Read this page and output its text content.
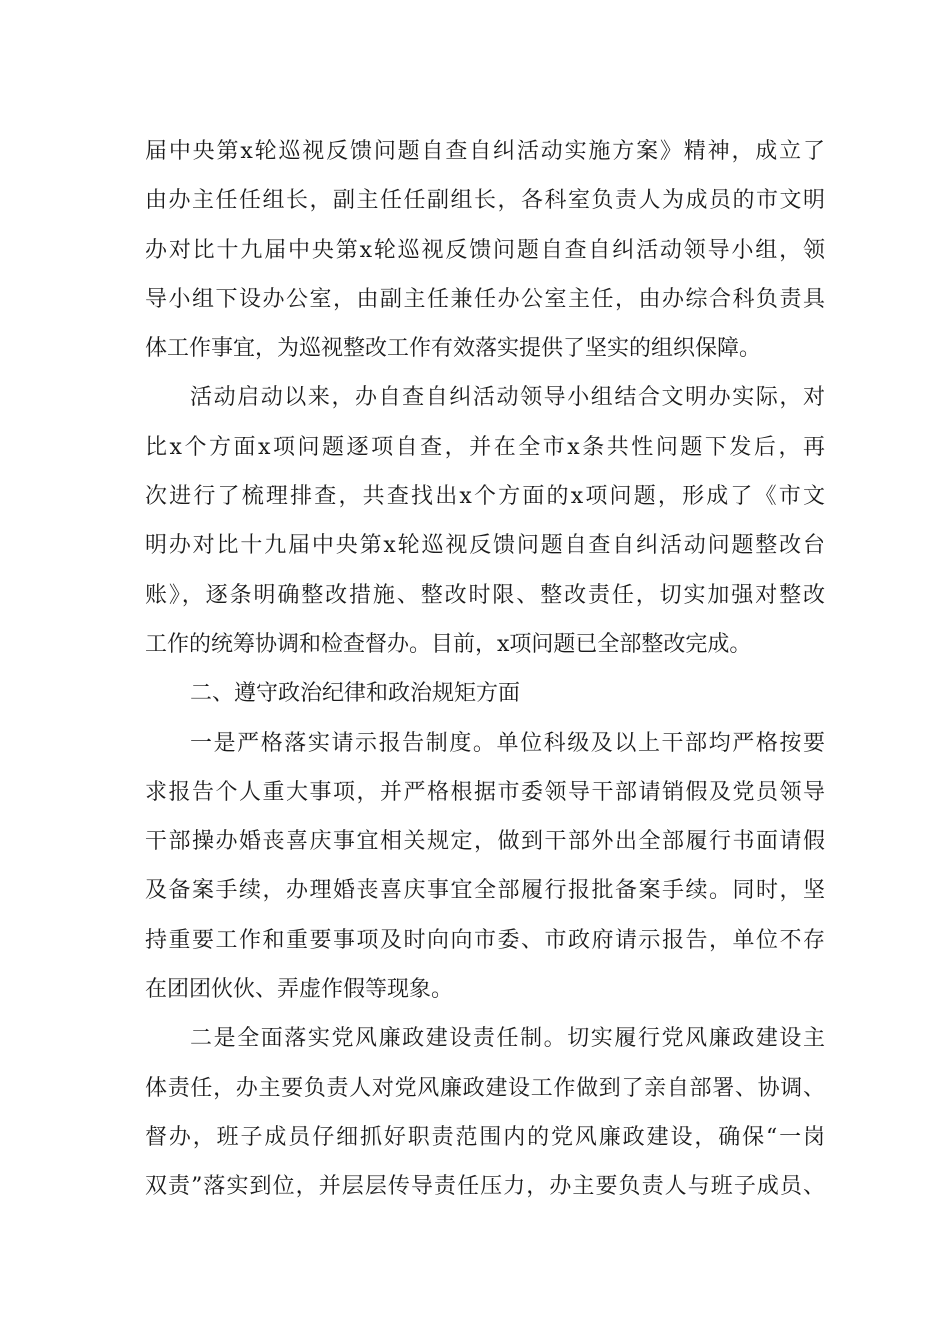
届中央第x轮巡视反馈问题自查自纠活动实施方案》精神，成立了
由办主任任组长，副主任任副组长，各科室负责人为成员的市文明
办对比十九届中央第x轮巡视反馈问题自查自纠活动领导小组，领
导小组下设办公室，由副主任兼任办公室主任，由办综合科负责具
体工作事宜，为巡视整改工作有效落实提供了坚实的组织保障。
活动启动以来，办自查自纠活动领导小组结合文明办实际，对
比x个方面x项问题逐项自查，并在全市x条共性问题下发后，再
次进行了梳理排查，共查找出x个方面的x项问题，形成了《市文
明办对比十九届中央第x轮巡视反馈问题自查自纠活动问题整改台
账》，逐条明确整改措施、整改时限、整改责任，切实加强对整改
工作的统筹协调和检查督办。目前，x项问题已全部整改完成。
二、遵守政治纪律和政治规矩方面
一是严格落实请示报告制度。单位科级及以上干部均严格按要
求报告个人重大事项，并严格根据市委领导干部请销假及党员领导
干部操办婚丧喜庆事宜相关规定，做到干部外出全部履行书面请假
及备案手续，办理婚丧喜庆事宜全部履行报批备案手续。同时，坚
持重要工作和重要事项及时向向市委、市政府请示报告，单位不存
在团团伙伙、弄虚作假等现象。
二是全面落实党风廉政建设责任制。切实履行党风廉政建设主
体责任，办主要负责人对党风廉政建设工作做到了亲自部署、协调、
督办，班子成员仔细抓好职责范围内的党风廉政建设，确保“一岗
双责”落实到位，并层层传导责任压力，办主要负责人与班子成员、
